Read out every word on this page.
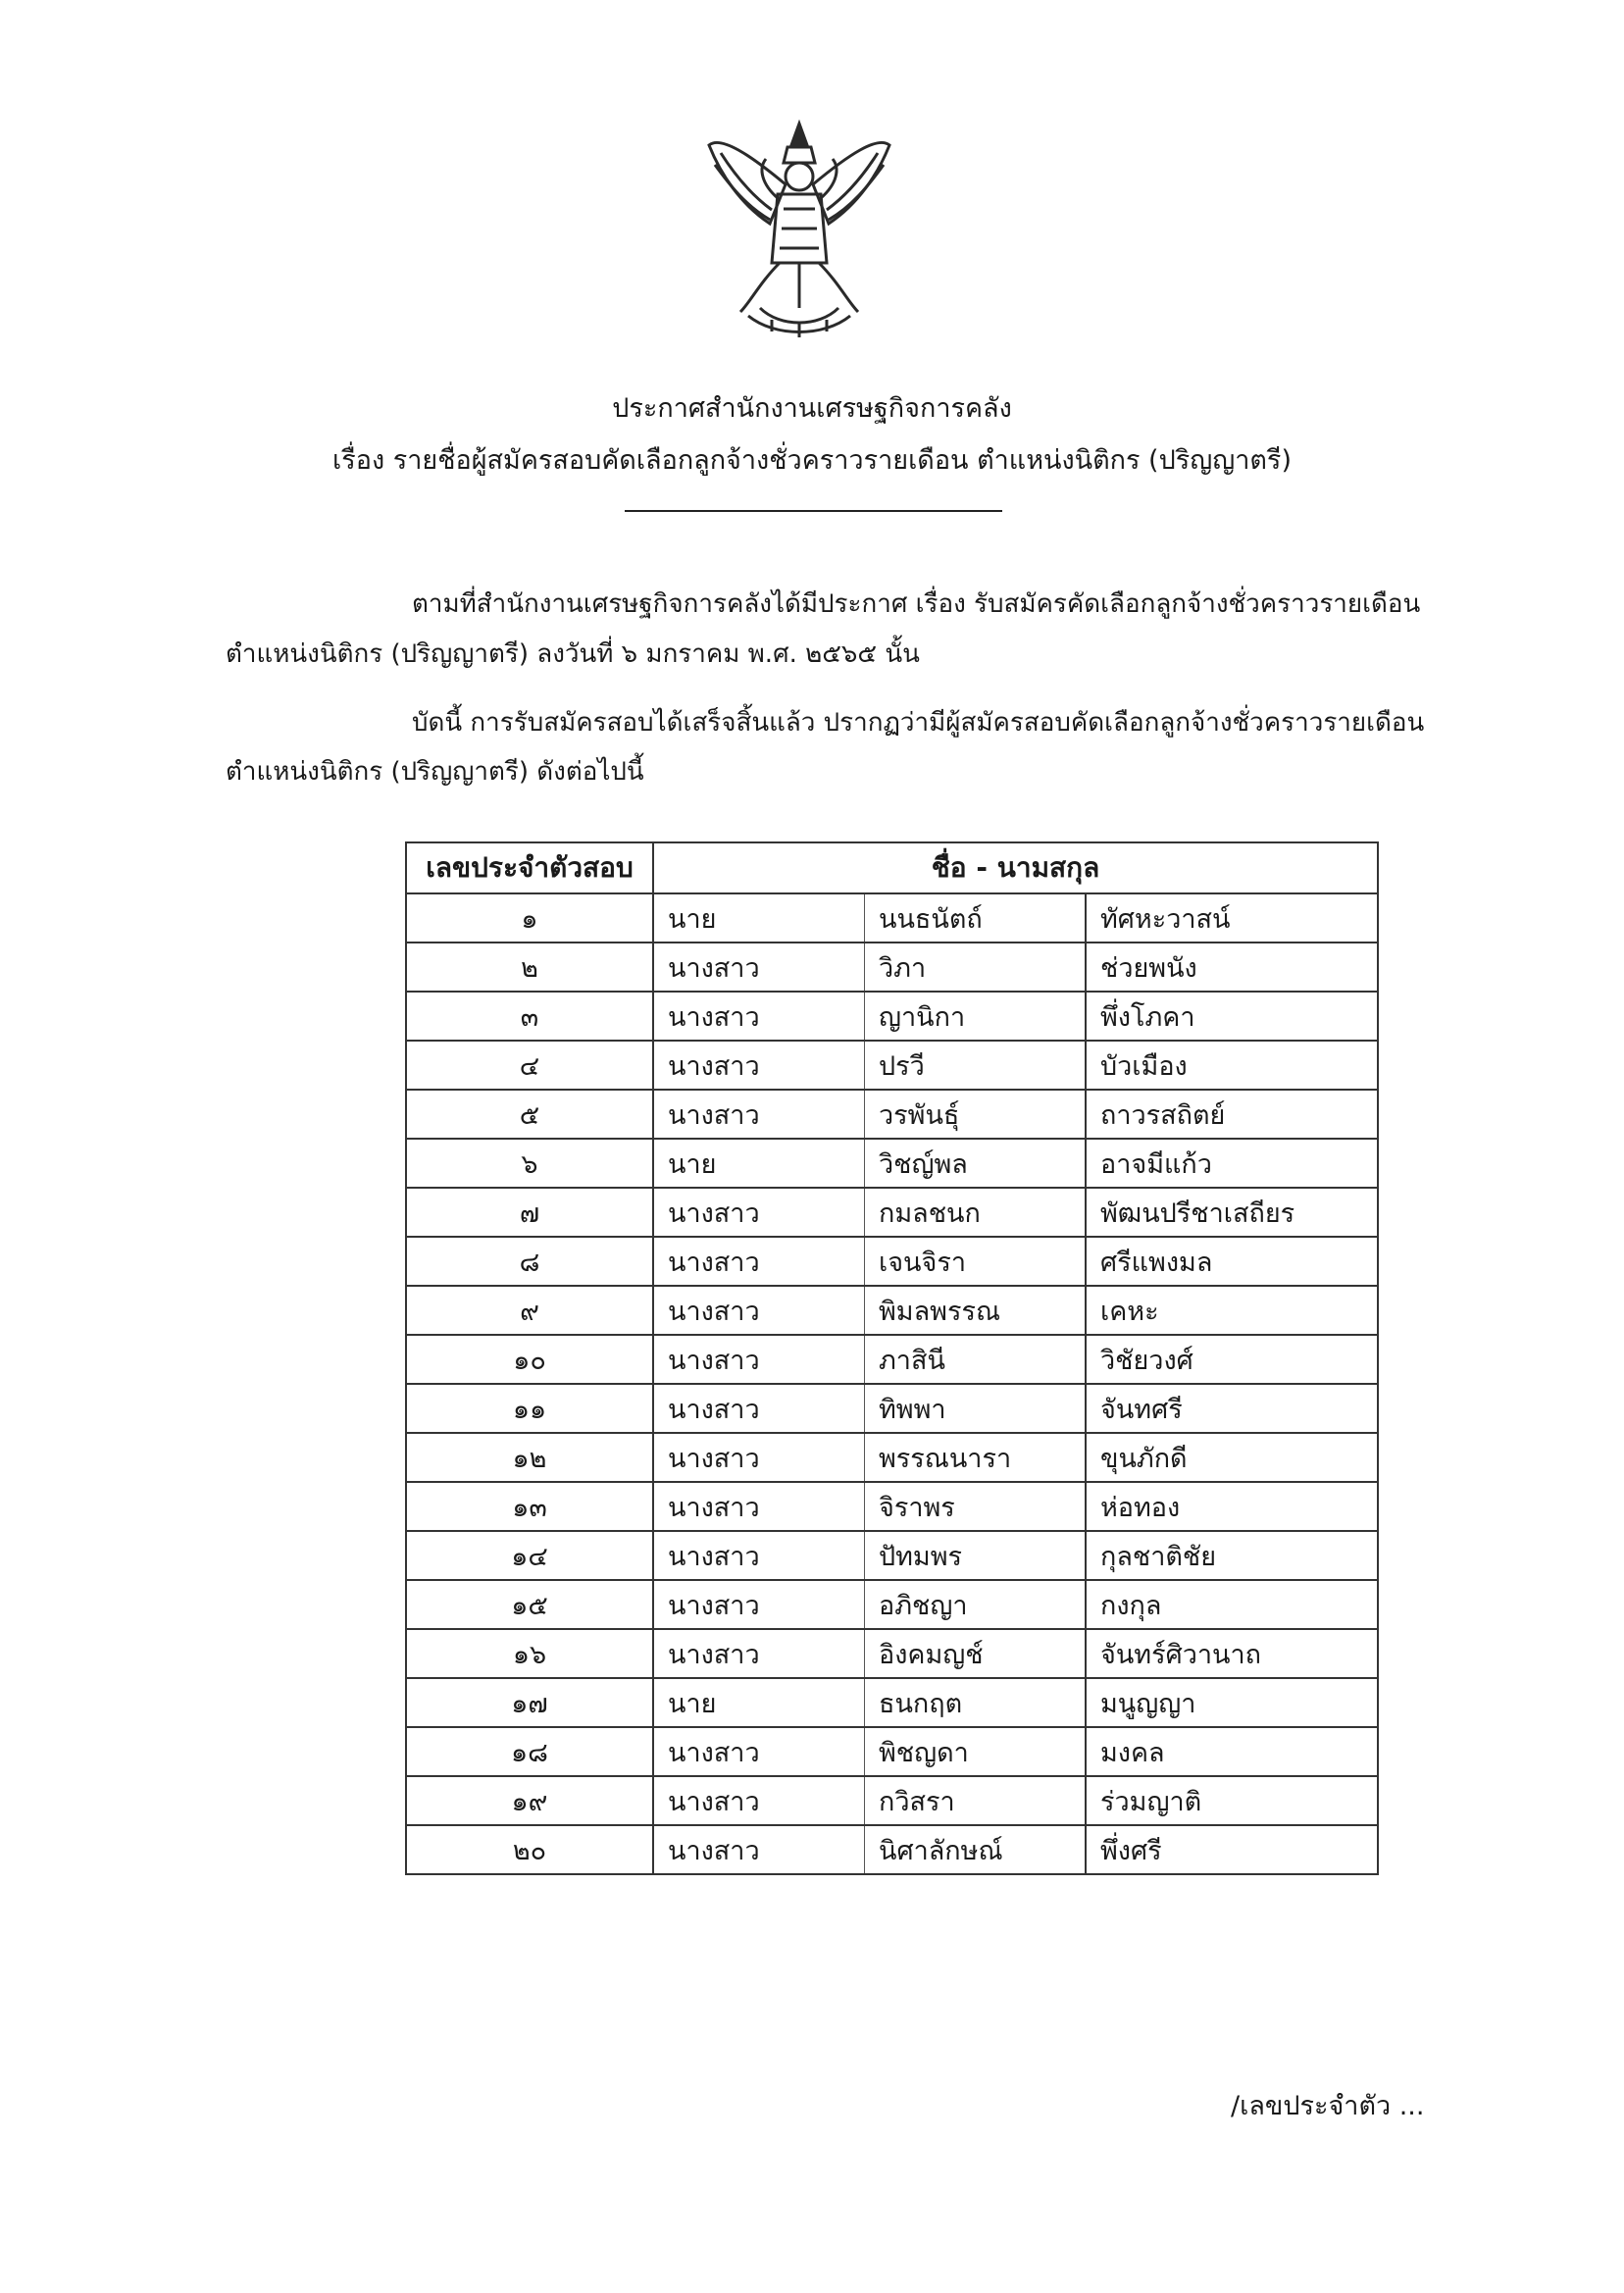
ประกาศสำนักงานเศรษฐกิจการคลัง
เรื่อง รายชื่อผู้สมัครสอบคัดเลือกลูกจ้างชั่วคราวรายเดือน ตำแหน่งนิติกร (ปริญญาตรี)
ตามที่สำนักงานเศรษฐกิจการคลังได้มีประกาศ เรื่อง รับสมัครคัดเลือกลูกจ้างชั่วคราวรายเดือน
ตำแหน่งนิติกร (ปริญญาตรี) ลงวันที่ ๖ มกราคม พ.ศ. ๒๕๖๕ นั้น
บัดนี้ การรับสมัครสอบได้เสร็จสิ้นแล้ว ปรากฏว่ามีผู้สมัครสอบคัดเลือกลูกจ้างชั่วคราวรายเดือน
ตำแหน่งนิติกร (ปริญญาตรี) ดังต่อไปนี้
เลขประจำตัวสอบ	ชื่อ - นามสกุล		
๑	นาย	นนธนัตถ์	ทัศหะวาสน์
๒	นางสาว	วิภา	ช่วยพนัง
๓	นางสาว	ญานิกา	พึ่งโภคา
๔	นางสาว	ปรวี	บัวเมือง
๕	นางสาว	วรพันธุ์	ถาวรสถิตย์
๖	นาย	วิชญ์พล	อาจมีแก้ว
๗	นางสาว	กมลชนก	พัฒนปรีชาเสถียร
๘	นางสาว	เจนจิรา	ศรีแพงมล
๙	นางสาว	พิมลพรรณ	เคหะ
๑๐	นางสาว	ภาสินี	วิชัยวงศ์
๑๑	นางสาว	ทิพพา	จันทศรี
๑๒	นางสาว	พรรณนารา	ขุนภักดี
๑๓	นางสาว	จิราพร	ห่อทอง
๑๔	นางสาว	ปัทมพร	กุลชาติชัย
๑๕	นางสาว	อภิชญา	กงกุล
๑๖	นางสาว	อิงคมญช์	จันทร์ศิวานาถ
๑๗	นาย	ธนกฤต	มนูญญา
๑๘	นางสาว	พิชญดา	มงคล
๑๙	นางสาว	กวิสรา	ร่วมญาติ
๒๐	นางสาว	นิศาลักษณ์	พึ่งศรี
/เลขประจำตัว ...
